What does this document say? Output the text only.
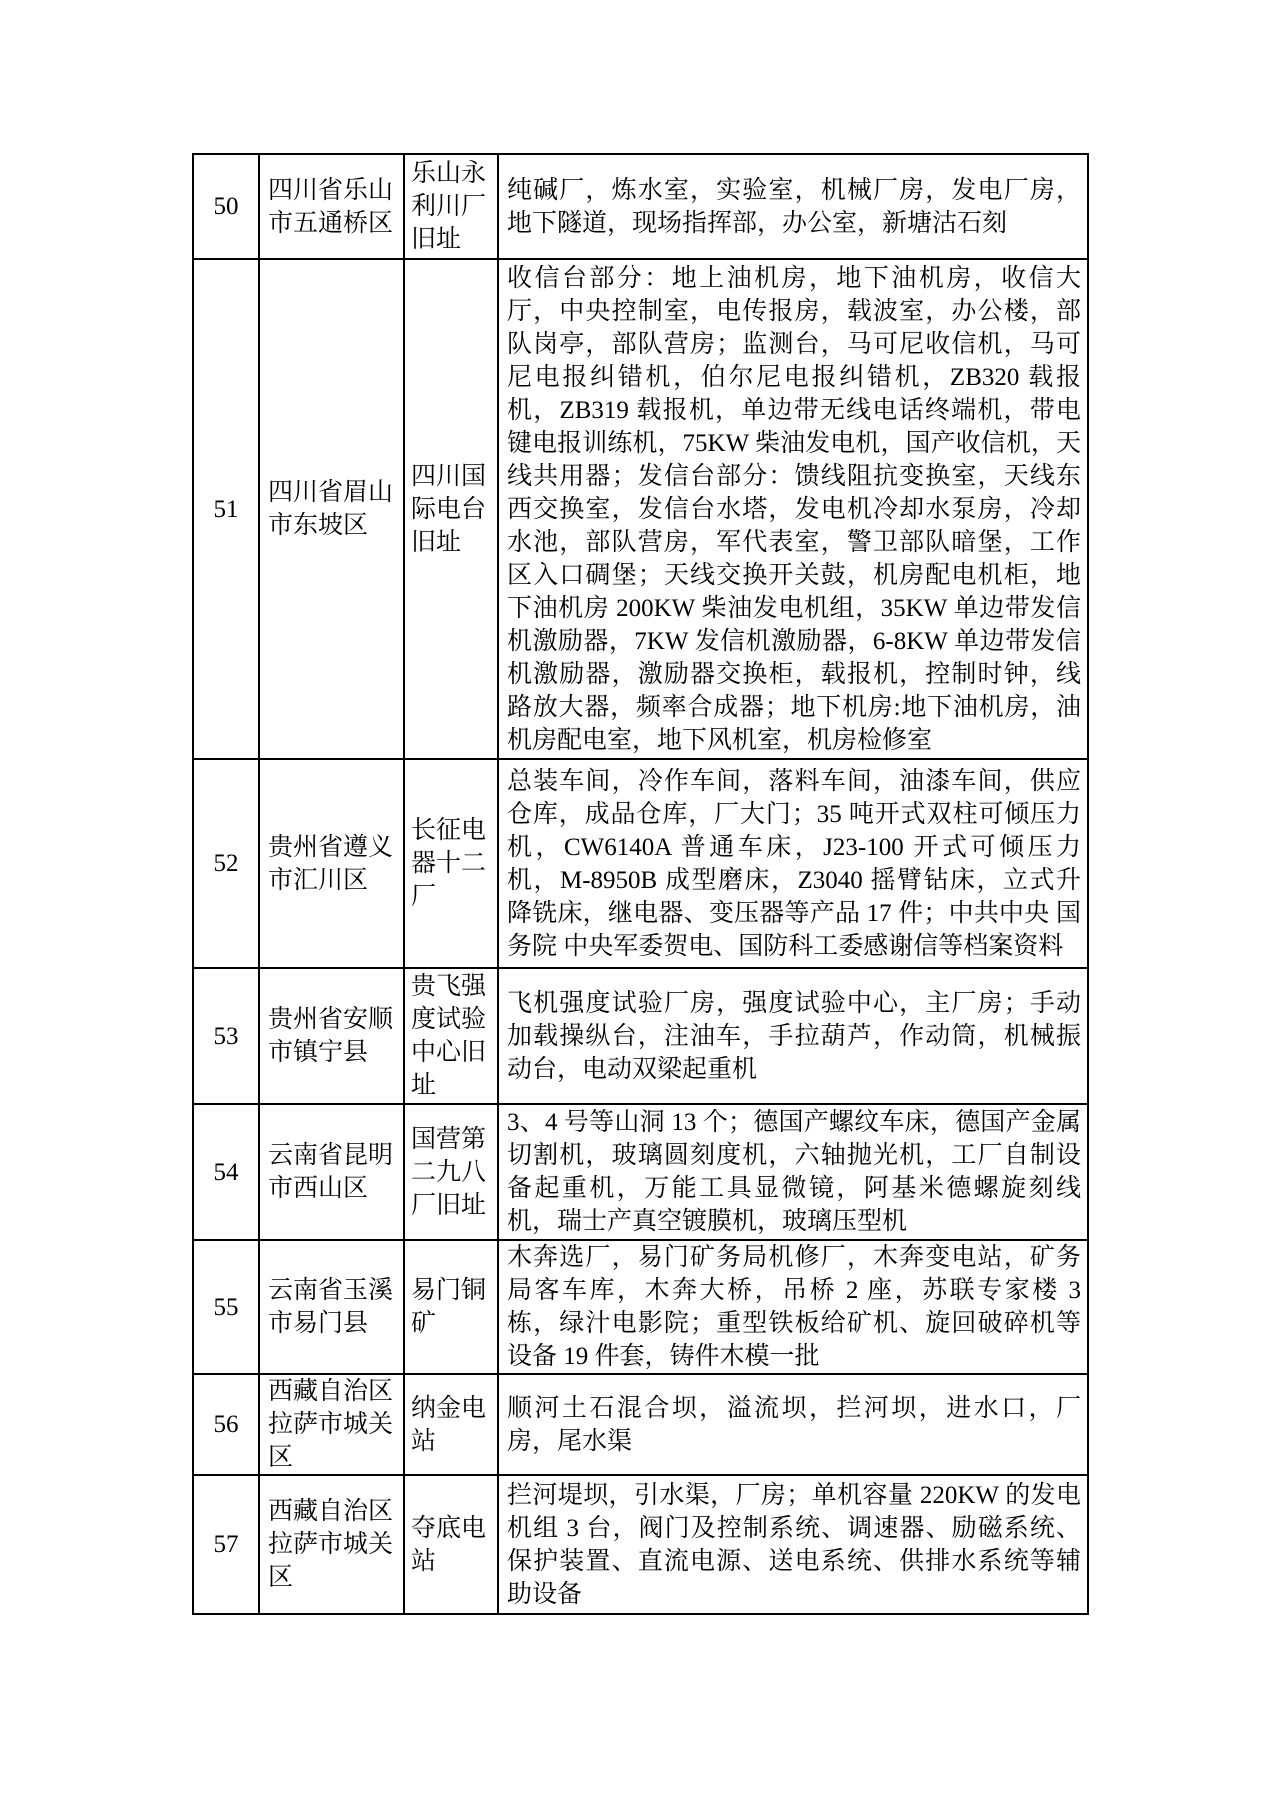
50	四川省乐山市五通桥区	乐山永利川厂旧址	纯碱厂，炼水室，实验室，机械厂房，发电厂房，地下隧道，现场指挥部，办公室，新塘沽石刻
51	四川省眉山市东坡区	四川国际电台旧址	收信台部分：地上油机房，地下油机房，收信大厅，中央控制室，电传报房，载波室，办公楼，部队岗亭，部队营房；监测台，马可尼收信机，马可尼电报纠错机，伯尔尼电报纠错机，ZB320 载报机，ZB319 载报机，单边带无线电话终端机，带电键电报训练机，75KW 柴油发电机，国产收信机，天线共用器；发信台部分：馈线阻抗变换室，天线东西交换室，发信台水塔，发电机冷却水泵房，冷却水池，部队营房，军代表室，警卫部队暗堡，工作区入口碉堡；天线交换开关鼓，机房配电机柜，地下油机房 200KW 柴油发电机组，35KW 单边带发信机激励器，7KW 发信机激励器，6-8KW 单边带发信机激励器，激励器交换柜，载报机，控制时钟，线路放大器，频率合成器；地下机房:地下油机房，油机房配电室，地下风机室，机房检修室
52	贵州省遵义市汇川区	长征电器十二厂	总装车间，冷作车间，落料车间，油漆车间，供应仓库，成品仓库，厂大门；35 吨开式双柱可倾压力机，CW6140A 普通车床，J23-100 开式可倾压力机，M-8950B 成型磨床，Z3040 摇臂钻床，立式升降铣床，继电器、变压器等产品 17 件；中共中央 国务院 中央军委贺电、国防科工委感谢信等档案资料
53	贵州省安顺市镇宁县	贵飞强度试验中心旧址	飞机强度试验厂房，强度试验中心，主厂房；手动加载操纵台，注油车，手拉葫芦，作动筒，机械振动台，电动双梁起重机
54	云南省昆明市西山区	国营第二九八厂旧址	3、4 号等山洞 13 个；德国产螺纹车床，德国产金属切割机，玻璃圆刻度机，六轴抛光机，工厂自制设备起重机，万能工具显微镜，阿基米德螺旋刻线机，瑞士产真空镀膜机，玻璃压型机
55	云南省玉溪市易门县	易门铜矿	木奔选厂，易门矿务局机修厂，木奔变电站，矿务局客车库，木奔大桥，吊桥 2 座，苏联专家楼 3 栋，绿汁电影院；重型铁板给矿机、旋回破碎机等设备 19 件套，铸件木模一批
56	西藏自治区拉萨市城关区	纳金电站	顺河土石混合坝，溢流坝，拦河坝，进水口，厂房，尾水渠
57	西藏自治区拉萨市城关区	夺底电站	拦河堤坝，引水渠，厂房；单机容量 220KW 的发电机组 3 台，阀门及控制系统、调速器、励磁系统、保护装置、直流电源、送电系统、供排水系统等辅助设备
